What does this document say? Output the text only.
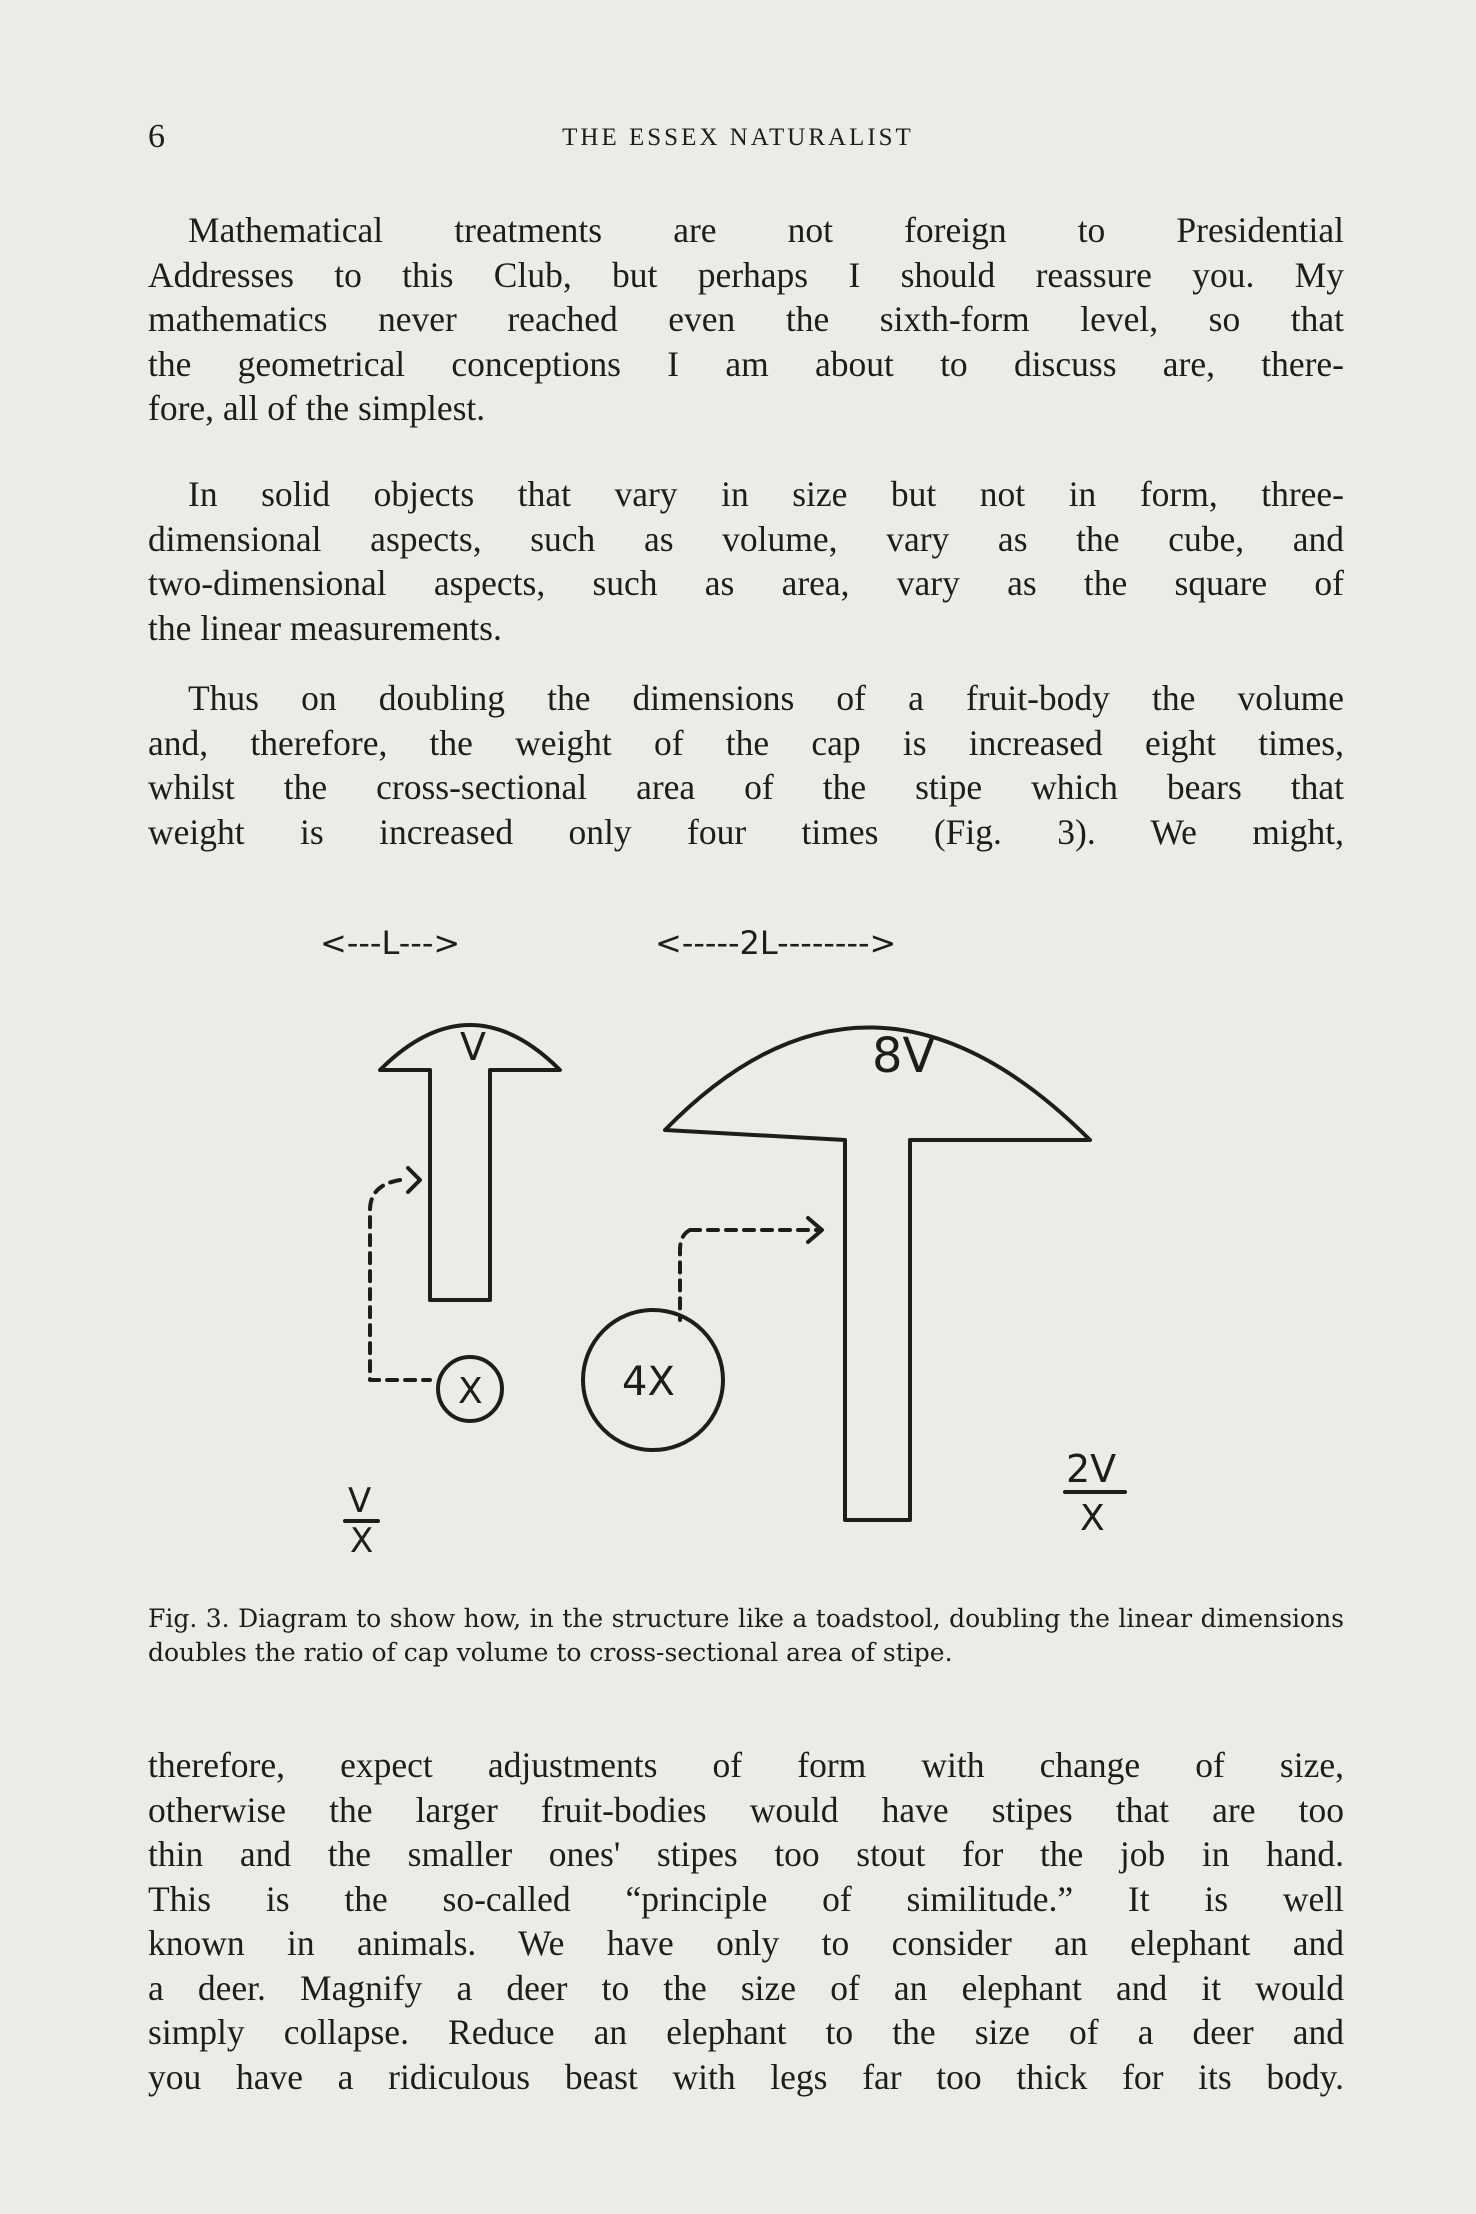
6	THE ESSEX NATURALIST
Mathematical treatments are not foreign to Presidential
Addresses to this Club, but perhaps I should reassure you. My
mathematics never reached even the sixth-form level, so that
the geometrical conceptions I am about to discuss are, there-
fore, all of the simplest.
In solid objects that vary in size but not in form, three-
dimensional aspects, such as volume, vary as the cube, and
two-dimensional aspects, such as area, vary as the square of
the linear measurements.
Thus on doubling the dimensions of a fruit-body the volume
and, therefore, the weight of the cap is increased eight times,
whilst the cross-sectional area of the stipe which bears that
weight is increased only four times (Fig. 3). We might,
<---L--->	<-----2L-------->
V	8V
X	4X
V
X
2V
X

Fig. 3. Diagram to show how, in the structure like a toadstool, doubling the linear dimensions doubles the ratio of cap volume to cross-sectional area of stipe.

therefore, expect adjustments of form with change of size,
otherwise the larger fruit-bodies would have stipes that are too
thin and the smaller ones' stipes too stout for the job in hand.
This is the so-called “principle of similitude.” It is well
known in animals. We have only to consider an elephant and
a deer. Magnify a deer to the size of an elephant and it would
simply collapse. Reduce an elephant to the size of a deer and
you have a ridiculous beast with legs far too thick for its body.
